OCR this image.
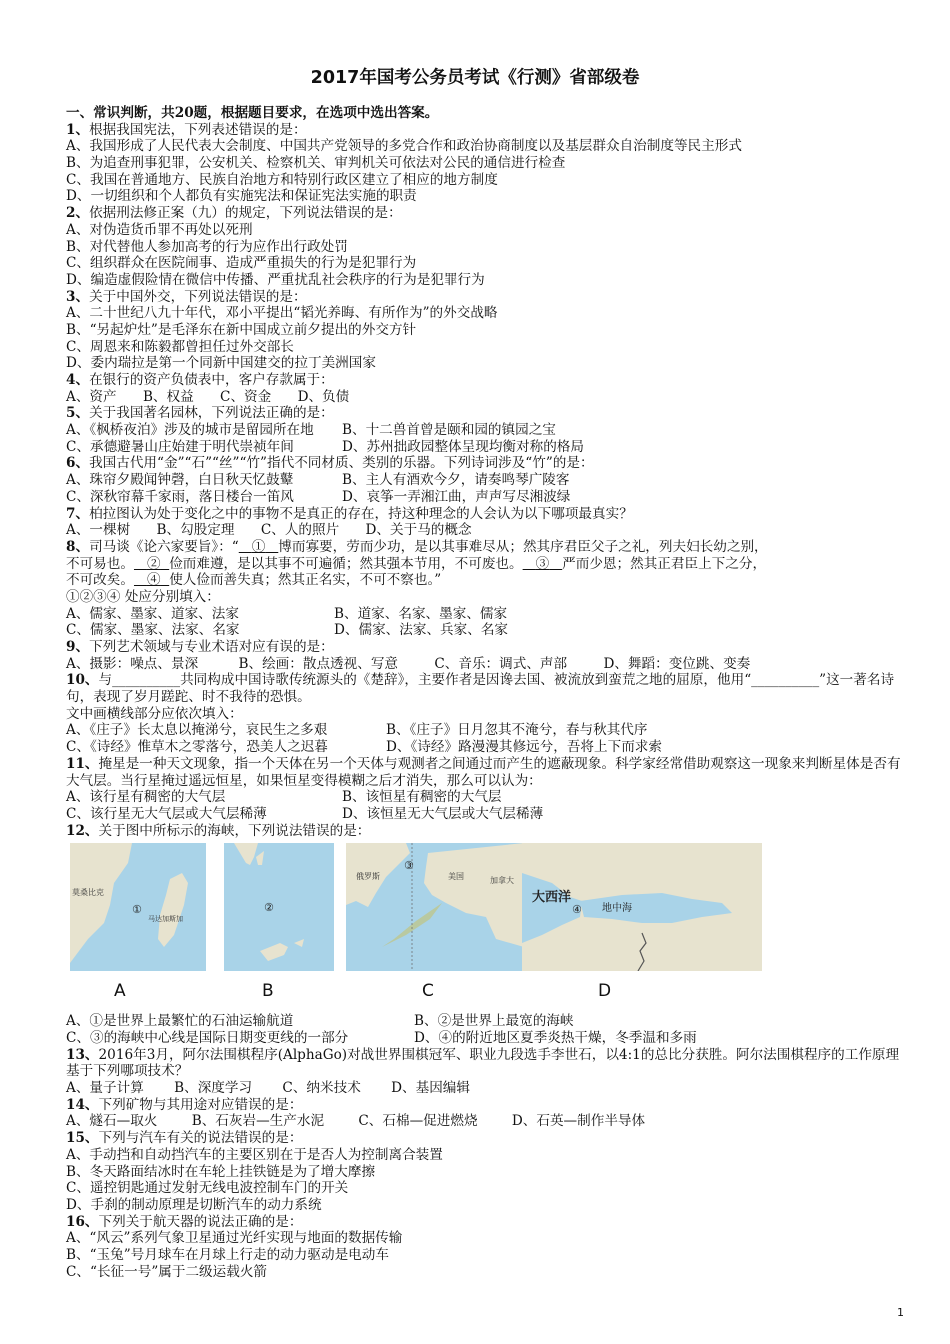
2017年国考公务员考试《行测》省部级卷
一、常识判断，共20题，根据题目要求，在选项中选出答案。
1、根据我国宪法，下列表述错误的是：
A、我国形成了人民代表大会制度、中国共产党领导的多党合作和政治协商制度以及基层群众自治制度等民主形式
B、为追查刑事犯罪，公安机关、检察机关、审判机关可依法对公民的通信进行检查
C、我国在普通地方、民族自治地方和特别行政区建立了相应的地方制度
D、一切组织和个人都负有实施宪法和保证宪法实施的职责
2、依据刑法修正案（九）的规定，下列说法错误的是：
A、对伪造货币罪不再处以死刑
B、对代替他人参加高考的行为应作出行政处罚
C、组织群众在医院闹事、造成严重损失的行为是犯罪行为
D、编造虚假险情在微信中传播、严重扰乱社会秩序的行为是犯罪行为
3、关于中国外交，下列说法错误的是：
A、二十世纪八九十年代，邓小平提出“韬光养晦、有所作为”的外交战略
B、“另起炉灶”是毛泽东在新中国成立前夕提出的外交方针
C、周恩来和陈毅都曾担任过外交部长
D、委内瑞拉是第一个同新中国建交的拉丁美洲国家
4、在银行的资产负债表中，客户存款属于：
A、资产 B、权益 C、资金 D、负债
5、关于我国著名园林，下列说法正确的是：
A、《枫桥夜泊》涉及的城市是留园所在地 B、十二兽首曾是颐和园的镇园之宝
C、承德避暑山庄始建于明代崇祯年间	D、苏州拙政园整体呈现均衡对称的格局
6、我国古代用“金”“石”“丝”“竹”指代不同材质、类别的乐器。下列诗词涉及“竹”的是：
A、珠帘夕殿闻钟磬，白日秋天忆鼓鼙	B、主人有酒欢今夕，请奏鸣琴广陵客
C、深秋帘幕千家雨，落日楼台一笛风	D、哀筝一弄湘江曲，声声写尽湘波绿
7、柏拉图认为处于变化之中的事物不是真正的存在，持这种理念的人会认为以下哪项最真实？
A、一棵树 B、勾股定理 C、人的照片 D、关于马的概念
8、司马谈《论六家要旨》：“ ① 博而寡要，劳而少功，是以其事难尽从；然其序君臣父子之礼，列夫妇长幼之别，
不可易也。 ② 俭而难遵，是以其事不可遍循；然其强本节用，不可废也。 ③ 严而少恩；然其正君臣上下之分，
不可改矣。 ④ 使人俭而善失真；然其正名实，不可不察也。”
①②③④ 处应分别填入：
A、儒家、墨家、道家、法家	B、道家、名家、墨家、儒家
C、儒家、墨家、法家、名家	D、儒家、法家、兵家、名家
9、下列艺术领域与专业术语对应有误的是：
A、摄影：噪点、景深	B、绘画：散点透视、写意	C、音乐：调式、声部	D、舞蹈：变位跳、变奏
10、与__________共同构成中国诗歌传统源头的《楚辞》，主要作者是因谗去国、被流放到蛮荒之地的屈原，他用“__________”这一著名诗句，表现了岁月蹉跎、时不我待的恐惧。
文中画横线部分应依次填入：
A、《庄子》长太息以掩涕兮，哀民生之多艰	B、《庄子》日月忽其不淹兮，春与秋其代序
C、《诗经》惟草木之零落兮，恐美人之迟暮	D、《诗经》路漫漫其修远兮，吾将上下而求索
11、掩星是一种天文现象，指一个天体在另一个天体与观测者之间通过而产生的遮蔽现象。科学家经常借助观察这一现象来判断星体是否有大气层。当行星掩过遥远恒星，如果恒星变得模糊之后才消失，那么可以认为：
A、该行星有稠密的大气层	B、该恒星有稠密的大气层
C、该行星无大气层或大气层稀薄	D、该恒星无大气层或大气层稀薄
12、关于图中所标示的海峡，下列说法错误的是：
莫桑比克
马达加斯加
①	②
俄罗斯	美国	加拿大
③
大西洋
地中海
④
A	B	C	D
A、①是世界上最繁忙的石油运输航道	B、②是世界上最宽的海峡
C、③的海峡中心线是国际日期变更线的一部分	D、④的附近地区夏季炎热干燥，冬季温和多雨
13、2016年3月，阿尔法围棋程序(AlphaGo)对战世界围棋冠军、职业九段选手李世石，以4:1的总比分获胜。阿尔法围棋程序的工作原理基于下列哪项技术？
A、量子计算 B、深度学习 C、纳米技术 D、基因编辑
14、下列矿物与其用途对应错误的是：
A、燧石—取火	B、石灰岩—生产水泥	C、石棉—促进燃烧	D、石英—制作半导体
15、下列与汽车有关的说法错误的是：
A、手动挡和自动挡汽车的主要区别在于是否人为控制离合装置
B、冬天路面结冰时在车轮上挂铁链是为了增大摩擦
C、遥控钥匙通过发射无线电波控制车门的开关
D、手刹的制动原理是切断汽车的动力系统
16、下列关于航天器的说法正确的是：
A、“风云”系列气象卫星通过光纤实现与地面的数据传输
B、“玉兔”号月球车在月球上行走的动力驱动是电动车
C、“长征一号”属于二级运载火箭
1
